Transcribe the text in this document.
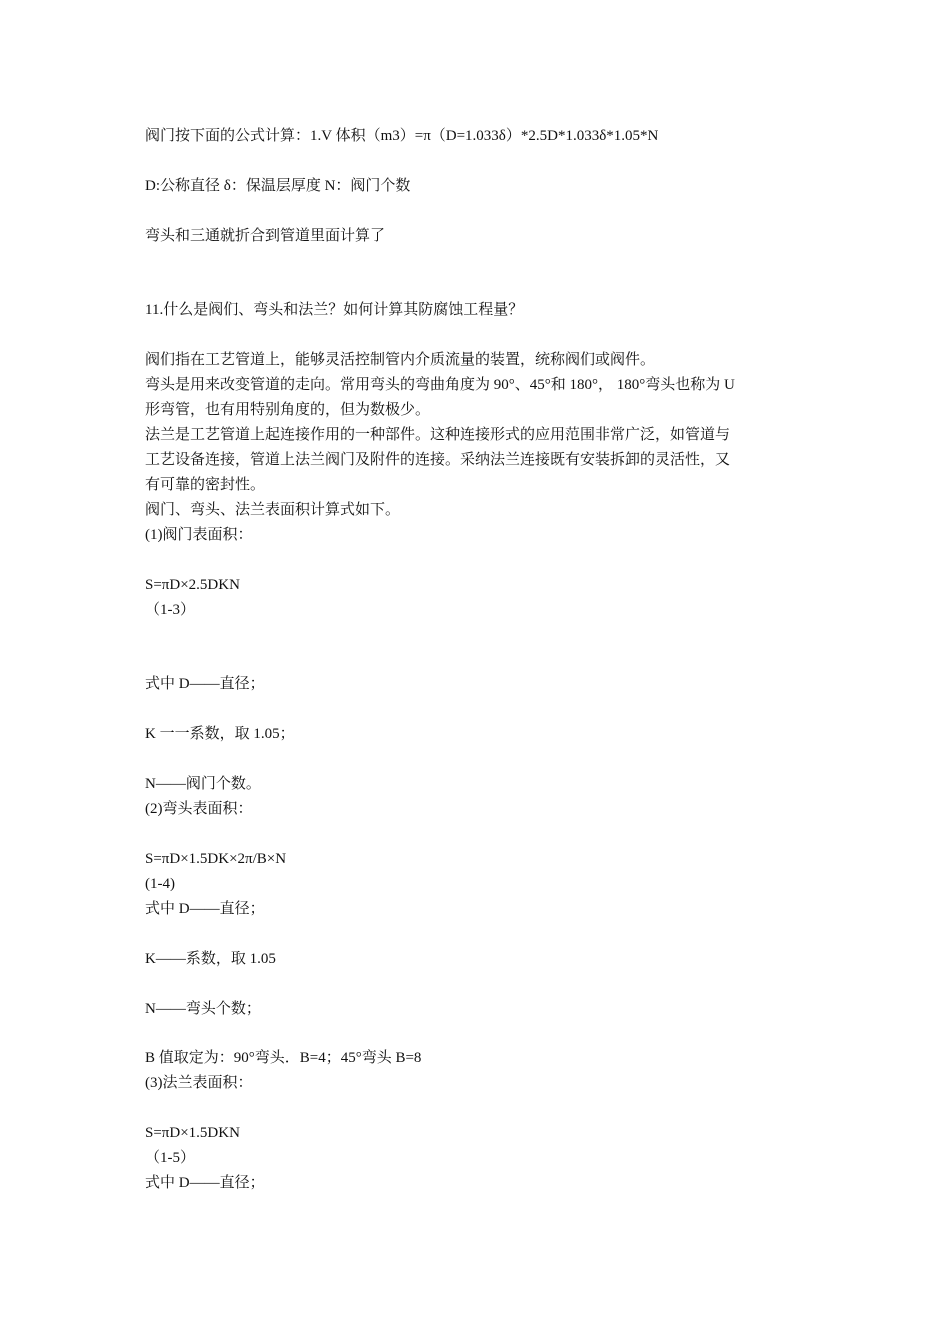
阀门按下面的公式计算：1.V 体积（m3）=π（D=1.033δ）*2.5D*1.033δ*1.05*N
D:公称直径 δ：保温层厚度 N：阀门个数
弯头和三通就折合到管道里面计算了
11.什么是阀们、弯头和法兰？如何计算其防腐蚀工程量？
阀们指在工艺管道上，能够灵活控制管内介质流量的装置，统称阀们或阀件。
弯头是用来改变管道的走向。常用弯头的弯曲角度为 90°、45°和 180°， 180°弯头也称为 U
形弯管，也有用特别角度的，但为数极少。
法兰是工艺管道上起连接作用的一种部件。这种连接形式的应用范围非常广泛，如管道与
工艺设备连接，管道上法兰阀门及附件的连接。采纳法兰连接既有安装拆卸的灵活性，又
有可靠的密封性。
阀门、弯头、法兰表面积计算式如下。
(1)阀门表面积：
S=πD×2.5DKN
（1-3）
式中 D——直径；
K 一一系数，取 1.05；
N——阀门个数。
(2)弯头表面积：
S=πD×1.5DK×2π/B×N
(1-4)
式中 D——直径；
K——系数，取 1.05
N——弯头个数；
B 值取定为：90°弯头．B=4；45°弯头 B=8
(3)法兰表面积：
S=πD×1.5DKN
（1-5）
式中 D——直径；
